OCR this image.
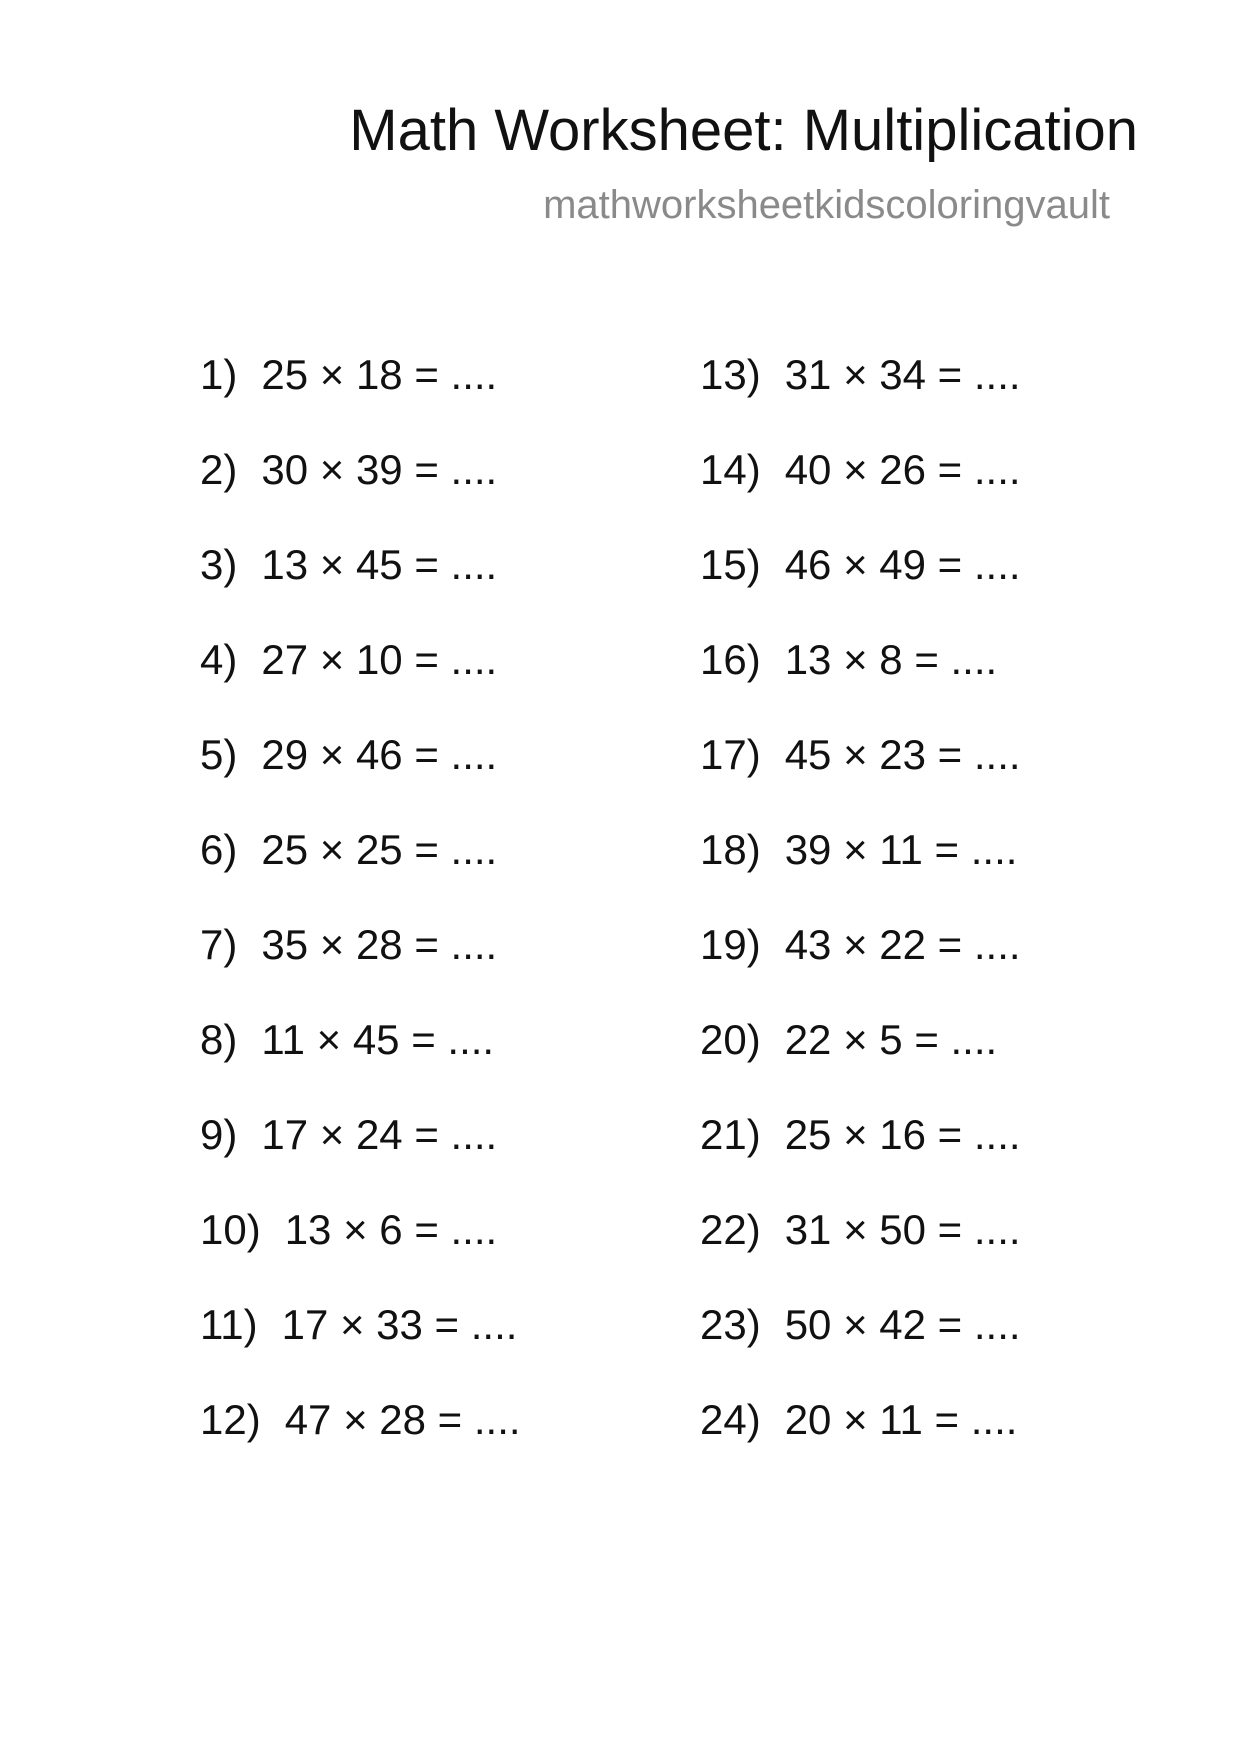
Math Worksheet: Multiplication
mathworksheetkidscoloringvault
1) 25 × 18 = ....
2) 30 × 39 = ....
3) 13 × 45 = ....
4) 27 × 10 = ....
5) 29 × 46 = ....
6) 25 × 25 = ....
7) 35 × 28 = ....
8) 11 × 45 = ....
9) 17 × 24 = ....
10) 13 × 6 = ....
11) 17 × 33 = ....
12) 47 × 28 = ....
13) 31 × 34 = ....
14) 40 × 26 = ....
15) 46 × 49 = ....
16) 13 × 8 = ....
17) 45 × 23 = ....
18) 39 × 11 = ....
19) 43 × 22 = ....
20) 22 × 5 = ....
21) 25 × 16 = ....
22) 31 × 50 = ....
23) 50 × 42 = ....
24) 20 × 11 = ....
